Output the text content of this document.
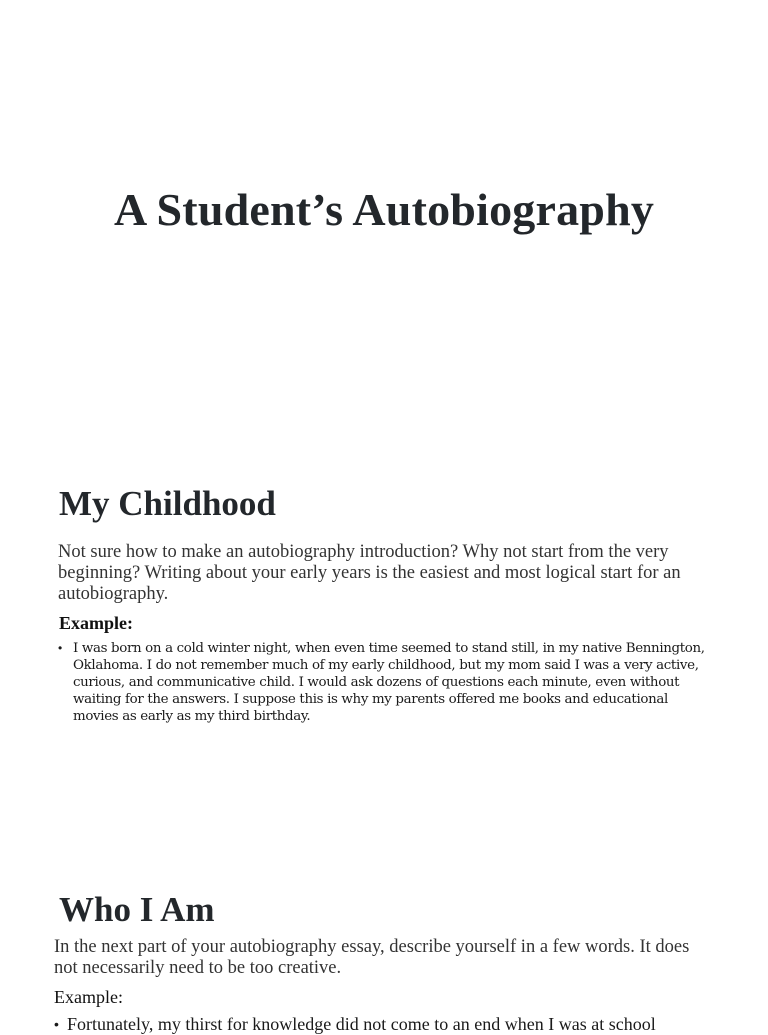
A Student’s Autobiography
My Childhood

Not sure how to make an autobiography introduction? Why not start from the very beginning? Writing about your early years is the easiest and most logical start for an autobiography.

Example:

• I was born on a cold winter night, when even time seemed to stand still, in my native Bennington, Oklahoma. I do not remember much of my early childhood, but my mom said I was a very active, curious, and communicative child. I would ask dozens of questions each minute, even without waiting for the answers. I suppose this is why my parents offered me books and educational movies as early as my third birthday.
Who I Am

In the next part of your autobiography essay, describe yourself in a few words. It does not necessarily need to be too creative.

Example:

• Fortunately, my thirst for knowledge did not come to an end when I was at school
